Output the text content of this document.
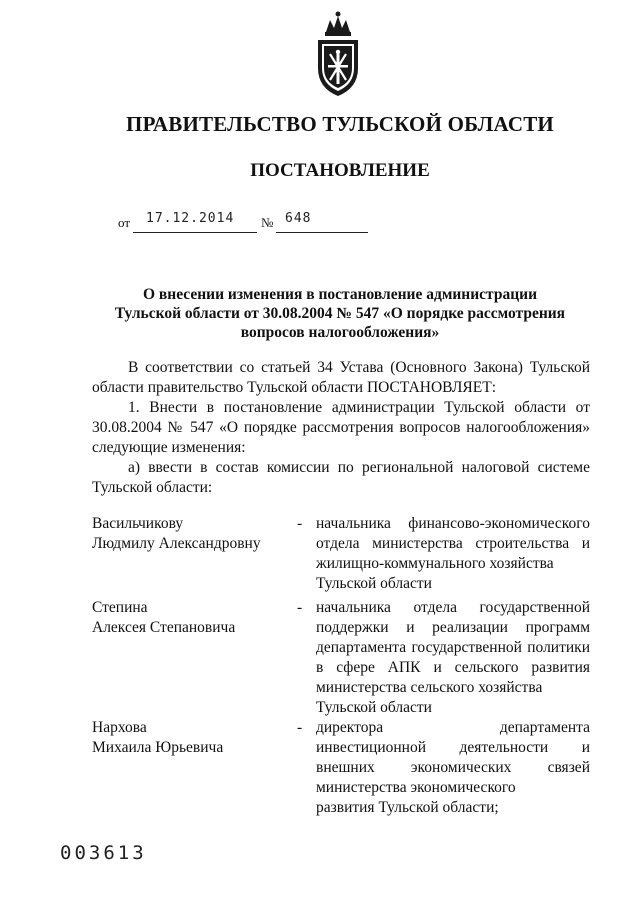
ПРАВИТЕЛЬСТВО ТУЛЬСКОЙ ОБЛАСТИ
ПОСТАНОВЛЕНИЕ
от 17.12.2014 № 648
О внесении изменения в постановление администрации
Тульской области от 30.08.2004 № 547 «О порядке рассмотрения
вопросов налогообложения»
В соответствии со статьей 34 Устава (Основного Закона) Тульской области правительство Тульской области ПОСТАНОВЛЯЕТ:
1. Внести в постановление администрации Тульской области от 30.08.2004 № 547 «О порядке рассмотрения вопросов налогообложения» следующие изменения:
а) ввести в состав комиссии по региональной налоговой системе Тульской области:
Васильчикову
Людмилу Александровну
- начальника финансово-экономического отдела министерства строительства и жилищно-коммунального хозяйства
Тульской области
Степина
Алексея Степановича
- начальника отдела государственной поддержки и реализации программ департамента государственной политики в сфере АПК и сельского развития министерства сельского хозяйства
Тульской области
Нархова
Михаила Юрьевича
- директора департамента инвестиционной деятельности и внешних экономических связей министерства экономического
развития Тульской области;
003613
